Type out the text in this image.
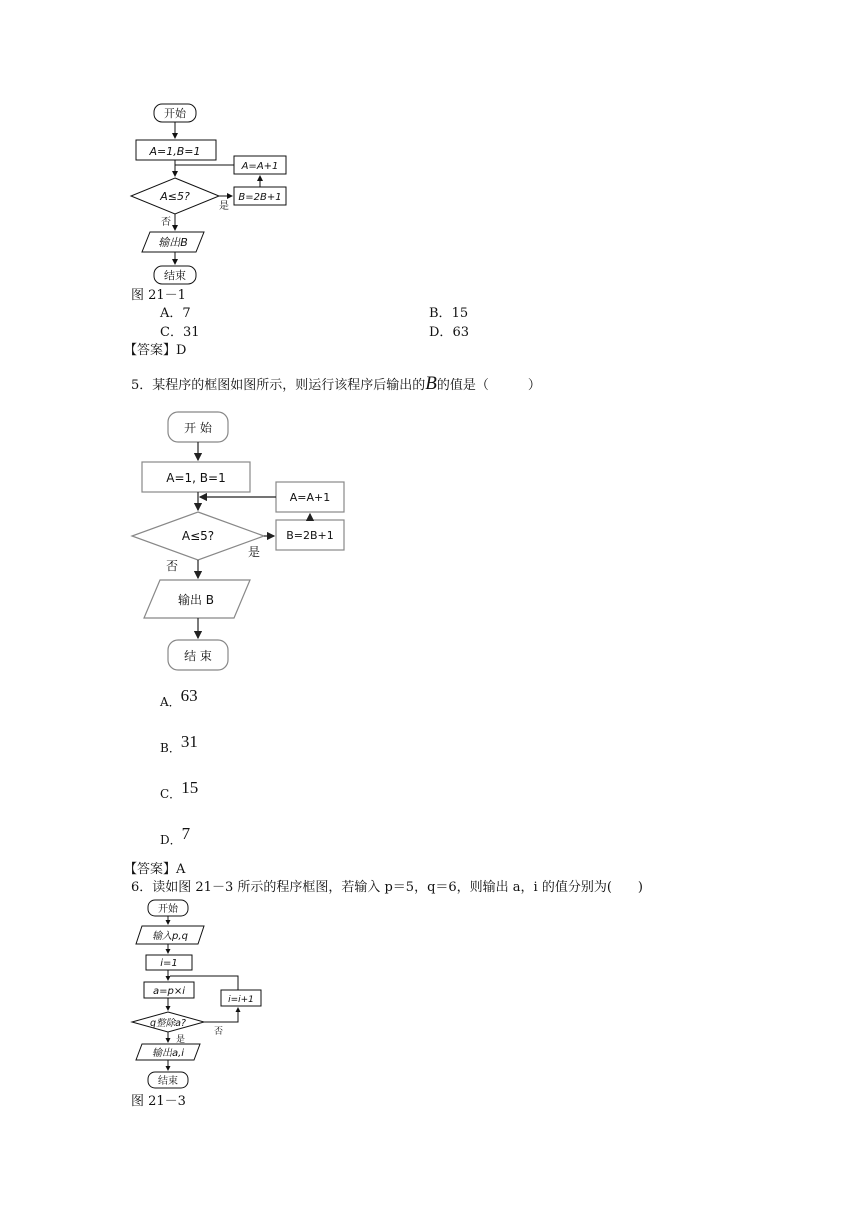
开始
A=1,B=1
A≤5?	B=2B+1
A=A+1
是
否
输出B
结束
图 21－1
A．7	B．15
C．31	D．63
【答案】D
5．某程序的框图如图所示，则运行该程序后输出的B的值是（　　　）
开 始
A=1, B=1
A≤5?
A=A+1
B=2B+1
是
否
输出 B
结 束
A．63
B．31
C．15
D．7
【答案】A
6．读如图 21－3 所示的程序框图，若输入 p＝5，q＝6，则输出 a，i 的值分别为(　　)
开始
输入p,q
i=1
a=p×i
i=i+1
q整除a?
是
否
输出a,i
结束
图 21－3
